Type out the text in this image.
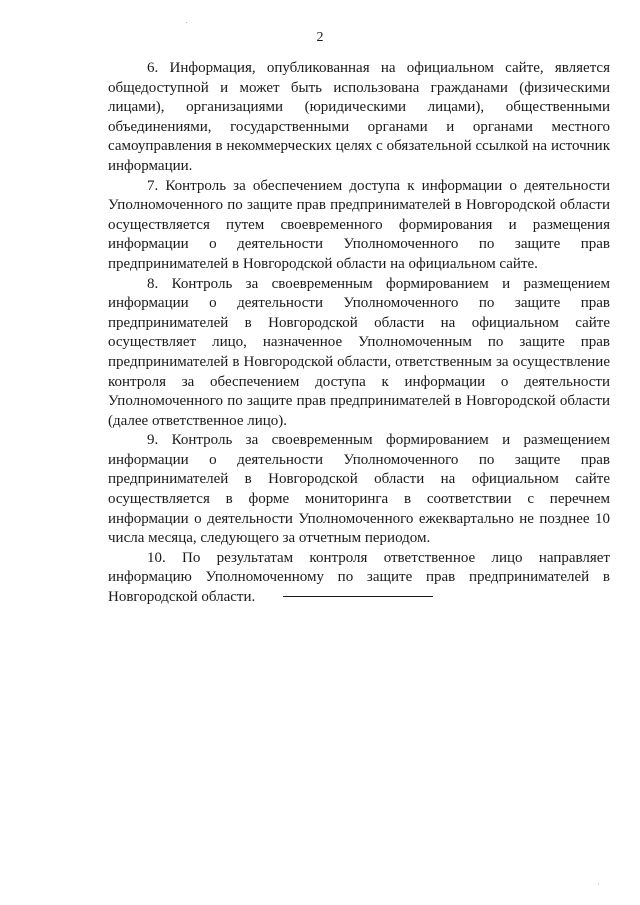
2

6. Информация, опубликованная на официальном сайте, является общедоступной и может быть использована гражданами (физическими лицами), организациями (юридическими лицами), общественными объединениями, государственными органами и органами местного самоуправления в некоммерческих целях с обязательной ссылкой на источник информации.

7. Контроль за обеспечением доступа к информации о деятельности Уполномоченного по защите прав предпринимателей в Новгородской области осуществляется путем своевременного формирования и размещения информации о деятельности Уполномоченного по защите прав предпринимателей в Новгородской области на официальном сайте.

8. Контроль за своевременным формированием и размещением информации о деятельности Уполномоченного по защите прав предпринимателей в Новгородской области на официальном сайте осуществляет лицо, назначенное Уполномоченным по защите прав предпринимателей в Новгородской области, ответственным за осуществление контроля за обеспечением доступа к информации о деятельности Уполномоченного по защите прав предпринимателей в Новгородской области (далее ответственное лицо).

9. Контроль за своевременным формированием и размещением информации о деятельности Уполномоченного по защите прав предпринимателей в Новгородской области на официальном сайте осуществляется в форме мониторинга в соответствии с перечнем информации о деятельности Уполномоченного ежеквартально не позднее 10 числа месяца, следующего за отчетным периодом.

10. По результатам контроля ответственное лицо направляет информацию Уполномоченному по защите прав предпринимателей в Новгородской области.
